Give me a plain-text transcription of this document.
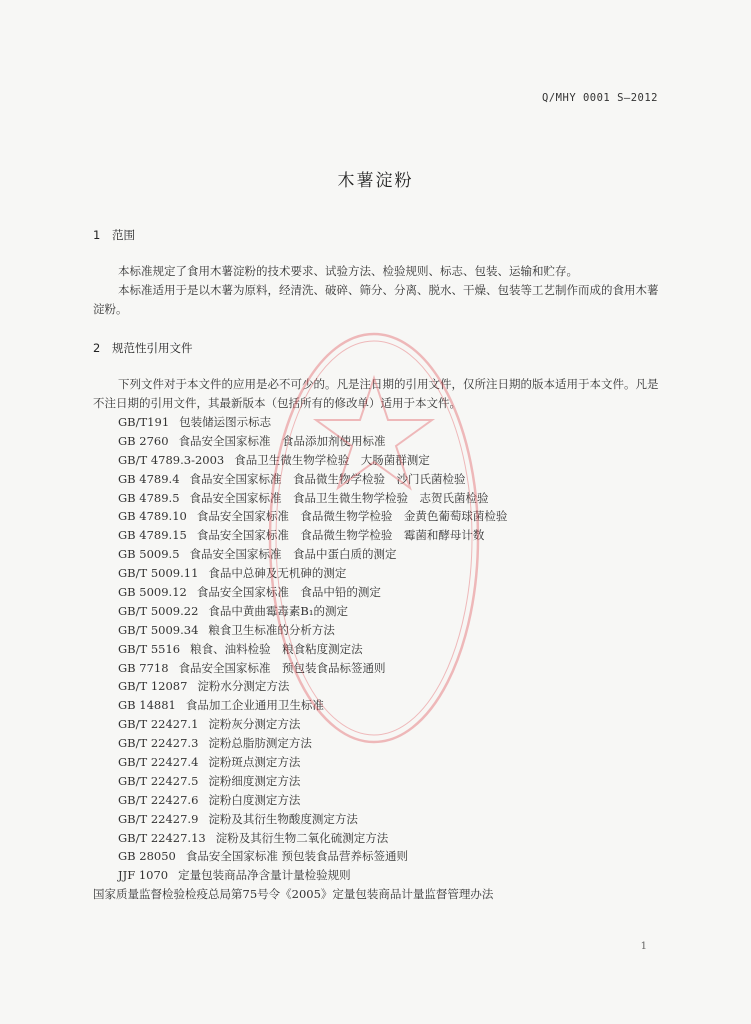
Q/MHY 0001 S—2012
木薯淀粉
1 范围
本标准规定了食用木薯淀粉的技术要求、试验方法、检验规则、标志、包装、运输和贮存。
本标准适用于是以木薯为原料，经清洗、破碎、筛分、分离、脱水、干燥、包装等工艺制作而成的食用木薯淀粉。
2 规范性引用文件
下列文件对于本文件的应用是必不可少的。凡是注日期的引用文件，仅所注日期的版本适用于本文件。凡是不注日期的引用文件，其最新版本（包括所有的修改单）适用于本文件。
GB/T191 包装储运图示标志
GB 2760 食品安全国家标准　食品添加剂使用标准
GB/T 4789.3-2003 食品卫生微生物学检验　大肠菌群测定
GB 4789.4 食品安全国家标准　食品微生物学检验　沙门氏菌检验
GB 4789.5 食品安全国家标准　食品卫生微生物学检验　志贺氏菌检验
GB 4789.10 食品安全国家标准　食品微生物学检验　金黄色葡萄球菌检验
GB 4789.15 食品安全国家标准　食品微生物学检验　霉菌和酵母计数
GB 5009.5 食品安全国家标准　食品中蛋白质的测定
GB/T 5009.11 食品中总砷及无机砷的测定
GB 5009.12 食品安全国家标准　食品中铅的测定
GB/T 5009.22 食品中黄曲霉毒素B₁的测定
GB/T 5009.34 粮食卫生标准的分析方法
GB/T 5516 粮食、油料检验　粮食粘度测定法
GB 7718 食品安全国家标准　预包装食品标签通则
GB/T 12087 淀粉水分测定方法
GB 14881 食品加工企业通用卫生标准
GB/T 22427.1 淀粉灰分测定方法
GB/T 22427.3 淀粉总脂肪测定方法
GB/T 22427.4 淀粉斑点测定方法
GB/T 22427.5 淀粉细度测定方法
GB/T 22427.6 淀粉白度测定方法
GB/T 22427.9 淀粉及其衍生物酸度测定方法
GB/T 22427.13 淀粉及其衍生物二氧化硫测定方法
GB 28050 食品安全国家标准 预包装食品营养标签通则
JJF 1070 定量包装商品净含量计量检验规则
国家质量监督检验检疫总局第75号令《2005》定量包装商品计量监督管理办法
1
